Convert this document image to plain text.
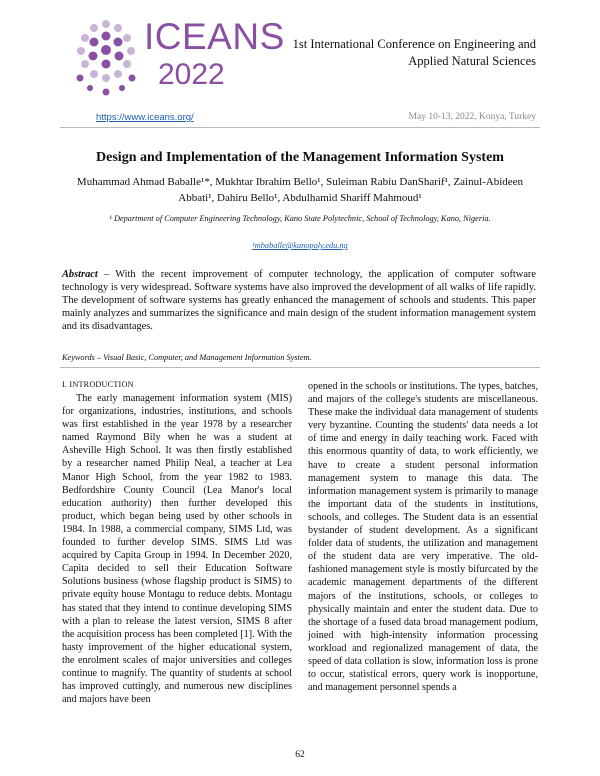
ICEANS
2022
1st International Conference on Engineering and Applied Natural Sciences
https://www.iceans.org/	May 10-13, 2022, Konya, Turkey
Design and Implementation of the Management Information System
Muhammad Ahmad Baballe¹*, Mukhtar Ibrahim Bello¹, Suleiman Rabiu DanSharif¹, Zainul-Abideen Abbati¹, Dahiru Bello¹, Abdulhamid Shariff Mahmoud¹
¹ Department of Computer Engineering Technology, Kano State Polytechnic, School of Technology, Kano, Nigeria.
¹mbaballe@kanopoly.edu.ng
Abstract – With the recent improvement of computer technology, the application of computer software technology is very widespread. Software systems have also improved the development of all walks of life rapidly. The development of software systems has greatly enhanced the management of schools and students. This paper mainly analyzes and summarizes the significance and main design of the student information management system and its disadvantages.
Keywords – Visual Basic, Computer, and Management Information System.
I. INTRODUCTION
The early management information system (MIS) for organizations, industries, institutions, and schools was first established in the year 1978 by a researcher named Raymond Bily when he was a student at Asheville High School. It was then firstly established by a researcher named Philip Neal, a teacher at Lea Manor High School, from the year 1982 to 1983. Bedfordshire County Council (Lea Manor's local education authority) then further developed this product, which began being used by other schools in 1984. In 1988, a commercial company, SIMS Ltd, was founded to further develop SIMS. SIMS Ltd was acquired by Capita Group in 1994. In December 2020, Capita decided to sell their Education Software Solutions business (whose flagship product is SIMS) to private equity house Montagu to reduce debts. Montagu has stated that they intend to continue developing SIMS with a plan to release the latest version, SIMS 8 after the acquisition process has been completed [1]. With the hasty improvement of the higher educational system, the enrolment scales of major universities and colleges continue to magnify. The quantity of students at school has improved cuttingly, and numerous new disciplines and majors have been
opened in the schools or institutions. The types, batches, and majors of the college's students are miscellaneous. These make the individual data management of students very byzantine. Counting the students' data needs a lot of time and energy in daily teaching work. Faced with this enormous quantity of data, to work efficiently, we have to create a student personal information management system to manage this data. The information management system is primarily to manage the important data of the students in institutions, schools, and colleges. The Student data is an essential bystander of student development. As a significant folder data of students, the utilization and management of the student data are very imperative. The old-fashioned management style is mostly bifurcated by the academic management departments of the different majors of the institutions, schools, or colleges to physically maintain and enter the student data. Due to the shortage of a fused data broad management podium, joined with high-intensity information processing workload and regionalized management of data, the speed of data collation is slow, information loss is prone to occur, statistical errors, query work is inopportune, and management personnel spends a
62
